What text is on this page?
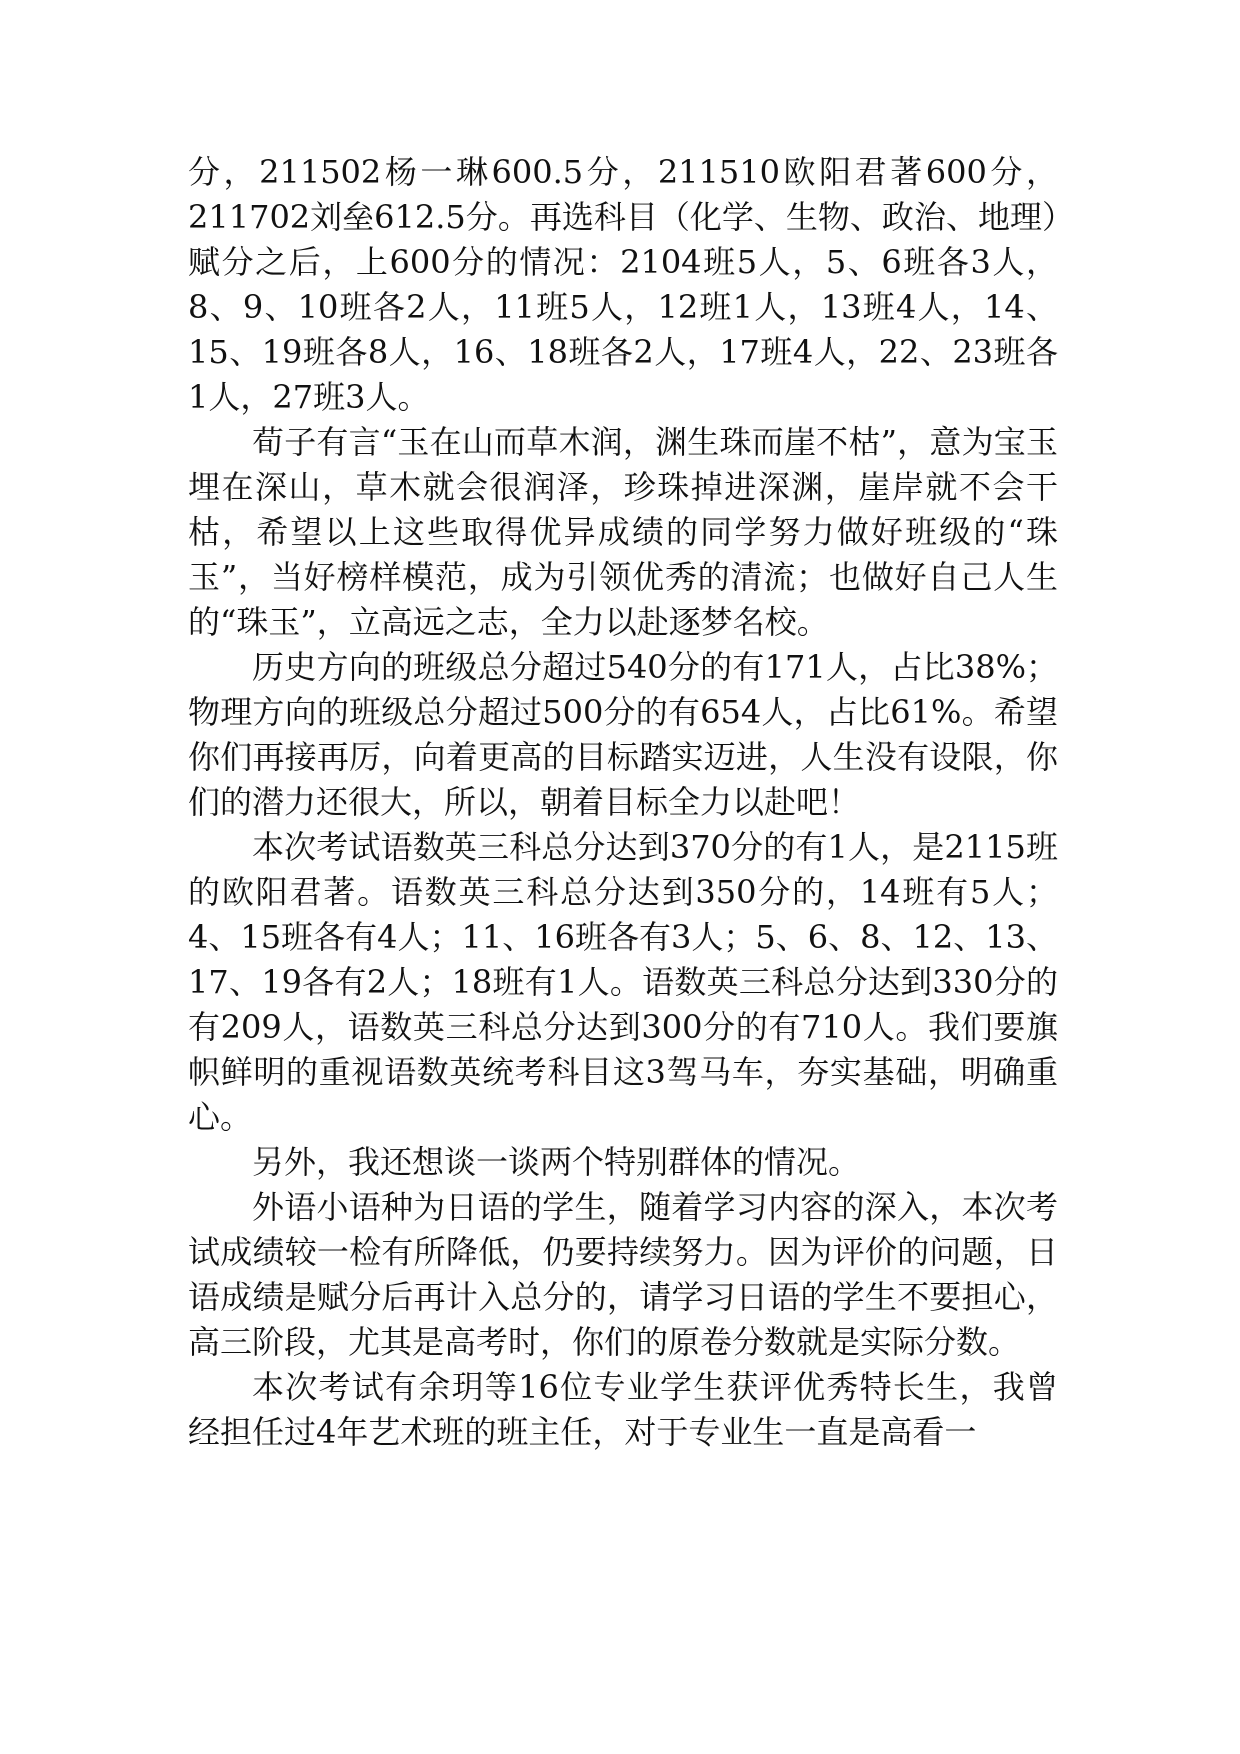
分，211502杨一琳600.5分，211510欧阳君著600分，211702刘垒612.5分。再选科目（化学、生物、政治、地理）赋分之后，上600分的情况：2104班5人，5、6班各3人，8、9、10班各2人，11班5人，12班1人，13班4人，14、15、19班各8人，16、18班各2人，17班4人，22、23班各1人，27班3人。

荀子有言“玉在山而草木润，渊生珠而崖不枯”，意为宝玉埋在深山，草木就会很润泽，珍珠掉进深渊，崖岸就不会干枯，希望以上这些取得优异成绩的同学努力做好班级的“珠玉”，当好榜样模范，成为引领优秀的清流；也做好自己人生的“珠玉”，立高远之志，全力以赴逐梦名校。

历史方向的班级总分超过540分的有171人，占比38%；物理方向的班级总分超过500分的有654人，占比61%。希望你们再接再厉，向着更高的目标踏实迈进，人生没有设限，你们的潜力还很大，所以，朝着目标全力以赴吧！

本次考试语数英三科总分达到370分的有1人，是2115班的欧阳君著。语数英三科总分达到350分的，14班有5人；4、15班各有4人；11、16班各有3人；5、6、8、12、13、17、19各有2人；18班有1人。语数英三科总分达到330分的有209人，语数英三科总分达到300分的有710人。我们要旗帜鲜明的重视语数英统考科目这3驾马车，夯实基础，明确重心。

另外，我还想谈一谈两个特别群体的情况。

外语小语种为日语的学生，随着学习内容的深入，本次考试成绩较一检有所降低，仍要持续努力。因为评价的问题，日语成绩是赋分后再计入总分的，请学习日语的学生不要担心，高三阶段，尤其是高考时，你们的原卷分数就是实际分数。

本次考试有余玥等16位专业学生获评优秀特长生，我曾经担任过4年艺术班的班主任，对于专业生一直是高看一
